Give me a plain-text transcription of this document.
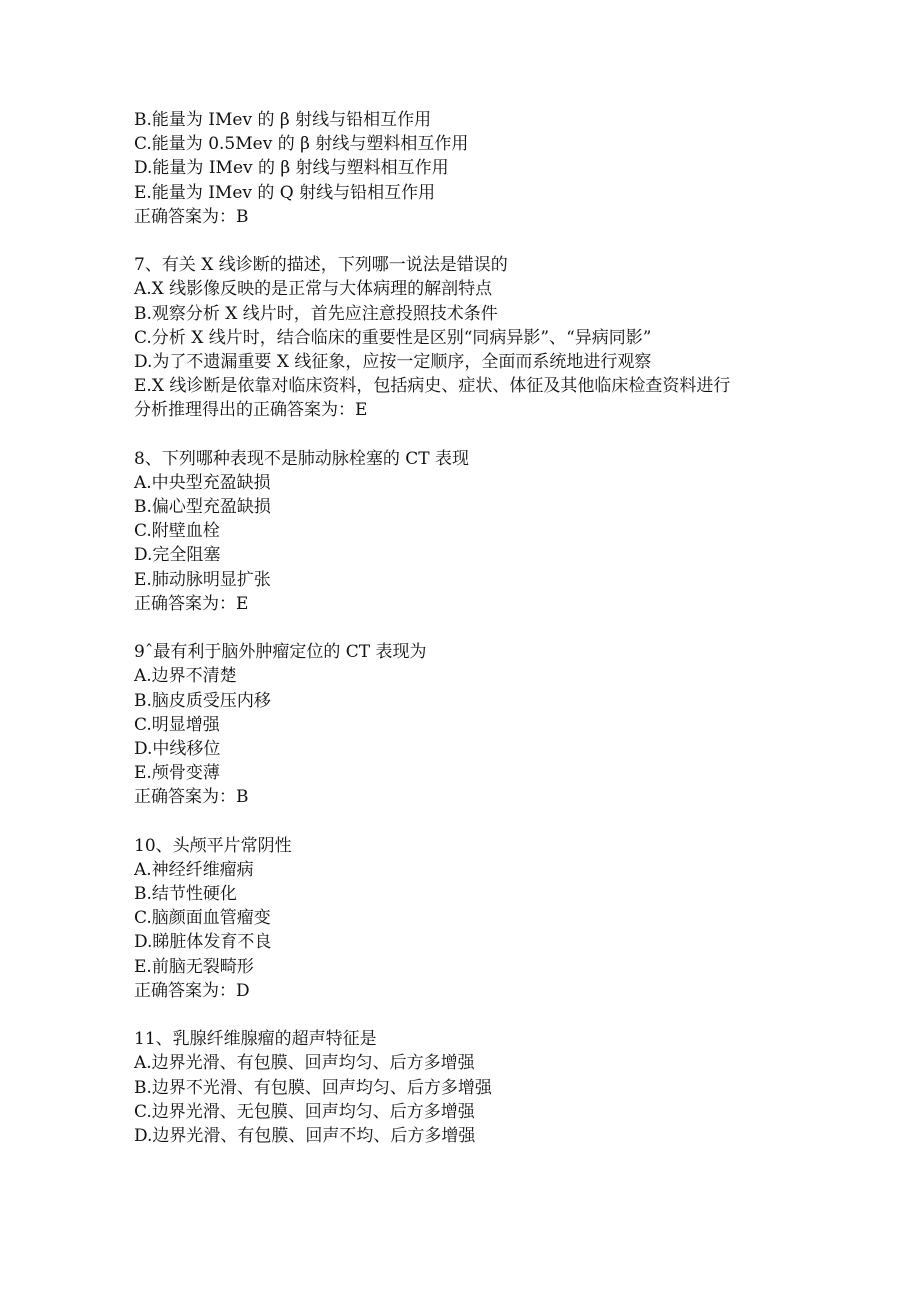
B.能量为 IMev 的 β 射线与铅相互作用
C.能量为 0.5Mev 的 β 射线与塑料相互作用
D.能量为 IMev 的 β 射线与塑料相互作用
E.能量为 IMev 的 Q 射线与铅相互作用
正确答案为：B
7、有关 X 线诊断的描述，下列哪一说法是错误的
A.X 线影像反映的是正常与大体病理的解剖特点
B.观察分析 X 线片时，首先应注意投照技术条件
C.分析 X 线片时，结合临床的重要性是区别“同病异影”、“异病同影”
D.为了不遗漏重要 X 线征象，应按一定顺序，全面而系统地进行观察
E.X 线诊断是依靠对临床资料，包括病史、症状、体征及其他临床检查资料进行
分析推理得出的正确答案为：E
8、下列哪种表现不是肺动脉栓塞的 CT 表现
A.中央型充盈缺损
B.偏心型充盈缺损
C.附壁血栓
D.完全阻塞
E.肺动脉明显扩张
正确答案为：E
9ˆ最有利于脑外肿瘤定位的 CT 表现为
A.边界不清楚
B.脑皮质受压内移
C.明显增强
D.中线移位
E.颅骨变薄
正确答案为：B
10、头颅平片常阴性
A.神经纤维瘤病
B.结节性硬化
C.脑颜面血管瘤变
D.睇脏体发育不良
E.前脑无裂畸形
正确答案为：D
11、乳腺纤维腺瘤的超声特征是
A.边界光滑、有包膜、回声均匀、后方多增强
B.边界不光滑、有包膜、回声均匀、后方多增强
C.边界光滑、无包膜、回声均匀、后方多增强
D.边界光滑、有包膜、回声不均、后方多增强
